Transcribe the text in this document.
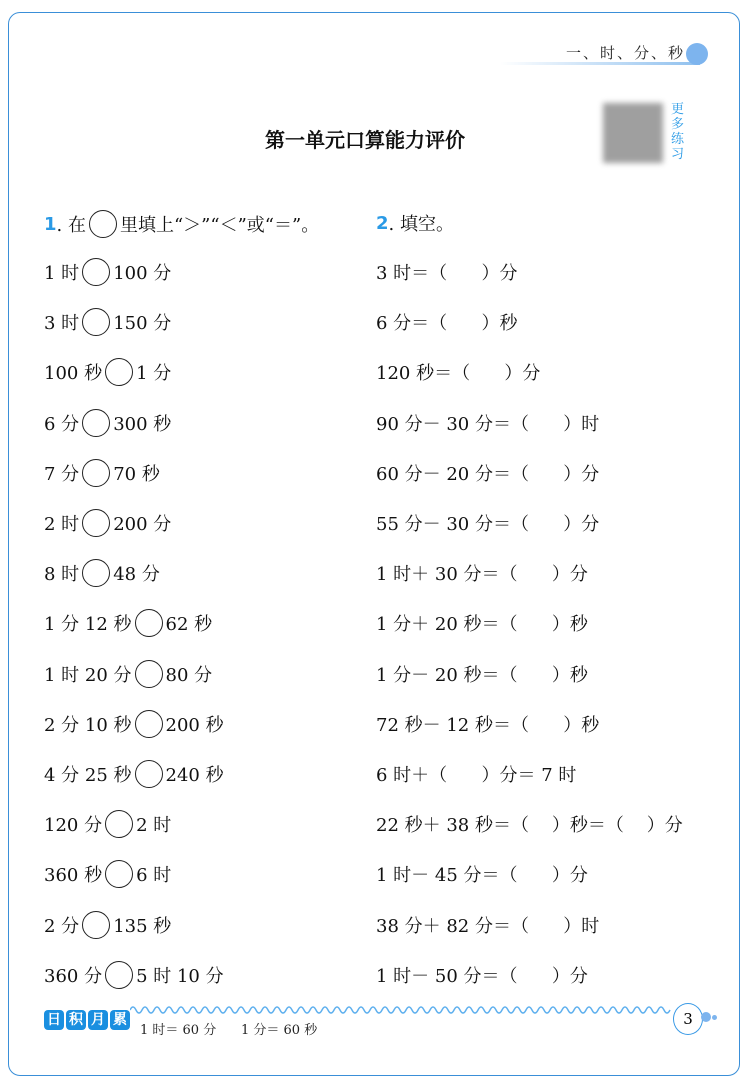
一、时、分、秒
第一单元口算能力评价
更多练习
1 . 在 里填上“＞”“＜”或“＝”。	2 . 填空。
1 时 100 分
3 时 150 分
100 秒 1 分
6 分 300 秒
7 分 70 秒
2 时 200 分
8 时 48 分
1 分 12 秒 62 秒
1 时 20 分 80 分
2 分 10 秒 200 秒
4 分 25 秒 240 秒
120 分 2 时
360 秒 6 时
2 分 135 秒
360 分 5 时 10 分
3 时＝（      ）分
6 分＝（      ）秒
120 秒＝（      ）分
90 分－ 30 分＝（      ）时
60 分－ 20 分＝（      ）分
55 分－ 30 分＝（      ）分
1 时＋ 30 分＝（      ）分
1 分＋ 20 秒＝（      ）秒
1 分－ 20 秒＝（      ）秒
72 秒－ 12 秒＝（      ）秒
6 时＋（      ）分＝ 7 时
22 秒＋ 38 秒＝（    ）秒＝（    ）分
1 时－ 45 分＝（      ）分
38 分＋ 82 分＝（      ）时
1 时－ 50 分＝（      ）分
日 积 月 累
1 时＝ 60 分      1 分＝ 60 秒
3
